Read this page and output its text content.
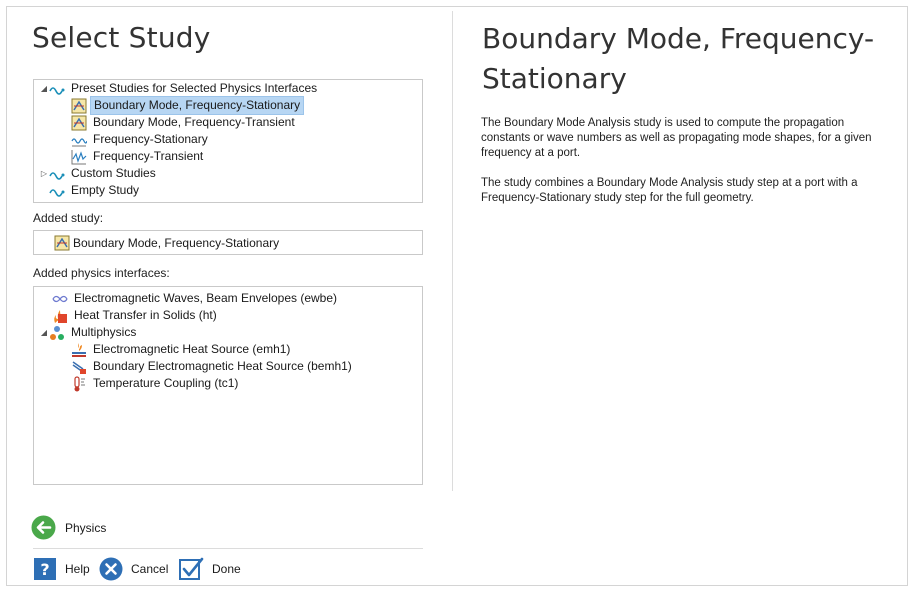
Select Study
◢ Preset Studies for Selected Physics Interfaces
Boundary Mode, Frequency-Stationary
Boundary Mode, Frequency-Transient
Frequency-Stationary
Frequency-Transient
▷ Custom Studies
Empty Study
Added study:
Boundary Mode, Frequency-Stationary
Added physics interfaces:
Electromagnetic Waves, Beam Envelopes (ewbe)
Heat Transfer in Solids (ht)
◢ Multiphysics
Electromagnetic Heat Source (emh1)
Boundary Electromagnetic Heat Source (bemh1)
Temperature Coupling (tc1)
Physics
? Help	Cancel	Done
Boundary Mode, Frequency-Stationary
The Boundary Mode Analysis study is used to compute the propagation constants or wave numbers as well as propagating mode shapes, for a given frequency at a port.
The study combines a Boundary Mode Analysis study step at a port with a Frequency-Stationary study step for the full geometry.
